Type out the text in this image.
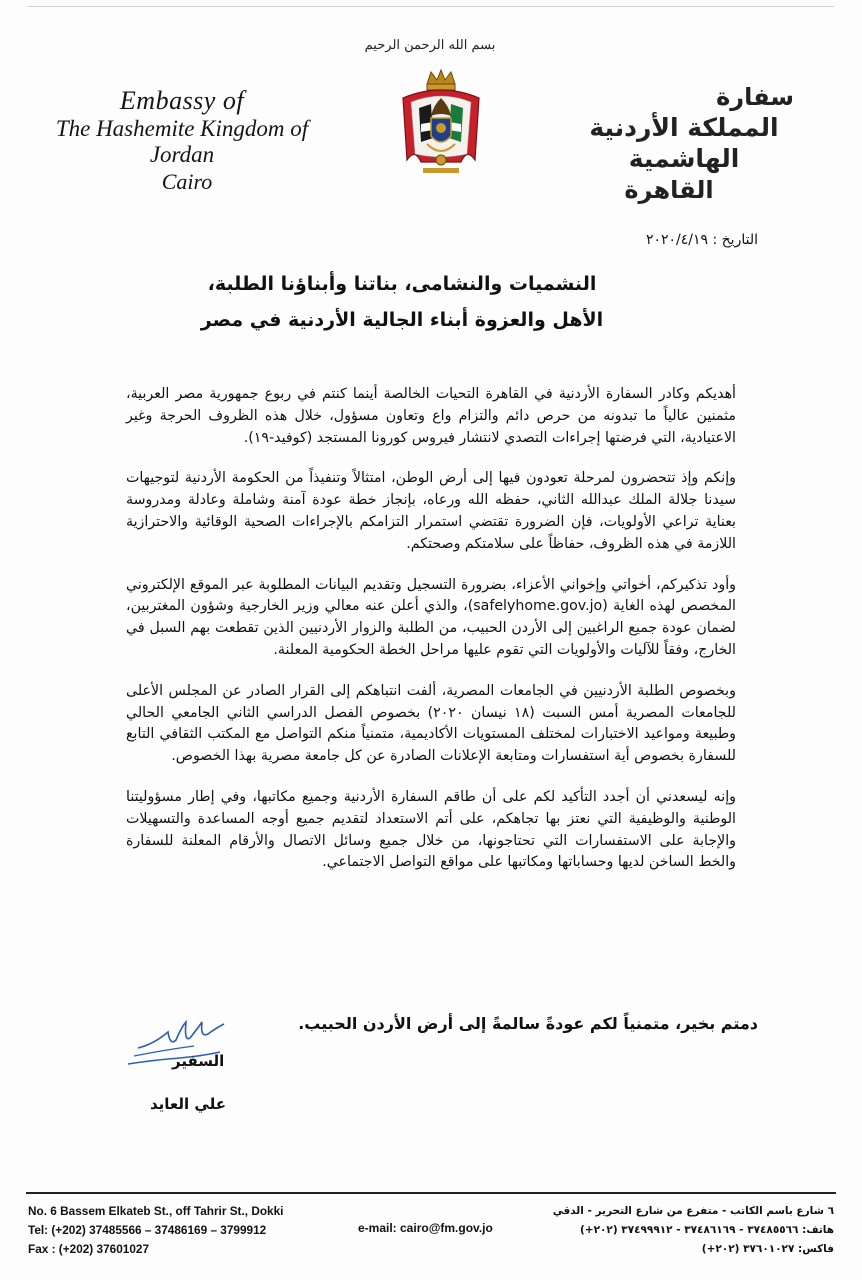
بسم الله الرحمن الرحيم
Embassy of
The Hashemite Kingdom of Jordan
Cairo
سفارة
المملكة الأردنية الهاشمية
القاهرة
التاريخ : ٢٠٢٠/٤/١٩
النشميات والنشامى، بناتنا وأبناؤنا الطلبة،
الأهل والعزوة أبناء الجالية الأردنية في مصر

أهديكم وكادر السفارة الأردنية في القاهرة التحيات الخالصة أينما كنتم في ربوع جمهورية مصر العربية، مثمنين عالياً ما تبدونه من حرص دائم والتزام واع وتعاون مسؤول، خلال هذه الظروف الحرجة وغير الاعتيادية، التي فرضتها إجراءات التصدي لانتشار فيروس كورونا المستجد (كوفيد-١٩).

وإنكم وإذ تتحضرون لمرحلة تعودون فيها إلى أرض الوطن، امتثالاً وتنفيذاً من الحكومة الأردنية لتوجيهات سيدنا جلالة الملك عبدالله الثاني، حفظه الله ورعاه، بإنجاز خطة عودة آمنة وشاملة وعادلة ومدروسة بعناية تراعي الأولويات، فإن الضرورة تقتضي استمرار التزامكم بالإجراءات الصحية الوقائية والاحترازية اللازمة في هذه الظروف، حفاظاً على سلامتكم وصحتكم.

وأود تذكيركم، أخواتي وإخواني الأعزاء، بضرورة التسجيل وتقديم البيانات المطلوبة عبر الموقع الإلكتروني المخصص لهذه الغاية (safelyhome.gov.jo)، والذي أعلن عنه معالي وزير الخارجية وشؤون المغتربين، لضمان عودة جميع الراغبين إلى الأردن الحبيب، من الطلبة والزوار الأردنيين الذين تقطعت بهم السبل في الخارج، وفقاً للآليات والأولويات التي تقوم عليها مراحل الخطة الحكومية المعلنة.

وبخصوص الطلبة الأردنيين في الجامعات المصرية، ألفت انتباهكم إلى القرار الصادر عن المجلس الأعلى للجامعات المصرية أمس السبت (١٨ نيسان ٢٠٢٠) بخصوص الفصل الدراسي الثاني الجامعي الحالي وطبيعة ومواعيد الاختبارات لمختلف المستويات الأكاديمية، متمنياً منكم التواصل مع المكتب الثقافي التابع للسفارة بخصوص أية استفسارات ومتابعة الإعلانات الصادرة عن كل جامعة مصرية بهذا الخصوص.

وإنه ليسعدني أن أجدد التأكيد لكم على أن طاقم السفارة الأردنية وجميع مكاتبها، وفي إطار مسؤوليتنا الوطنية والوظيفية التي نعتز بها تجاهكم، على أتم الاستعداد لتقديم جميع أوجه المساعدة والتسهيلات والإجابة على الاستفسارات التي تحتاجونها، من خلال جميع وسائل الاتصال والأرقام المعلنة للسفارة والخط الساخن لديها وحساباتها ومكاتبها على مواقع التواصل الاجتماعي.

دمتم بخير، متمنياً لكم عودةً سالمةً إلى أرض الأردن الحبيب.
السفير
علي العايد
No. 6 Bassem Elkateb St., off Tahrir St., Dokki
Tel: (+202) 37485566 – 37486169 – 3799912
Fax : (+202) 37601027
e-mail: cairo@fm.gov.jo
٦ شارع باسم الكاتب - متفرع من شارع التحرير - الدقي
هاتف: ٣٧٤٨٥٥٦٦ - ٣٧٤٨٦١٦٩ - ٣٧٤٩٩٩١٢ (٢٠٢+)
فاكس: ٣٧٦٠١٠٢٧ (٢٠٢+)
